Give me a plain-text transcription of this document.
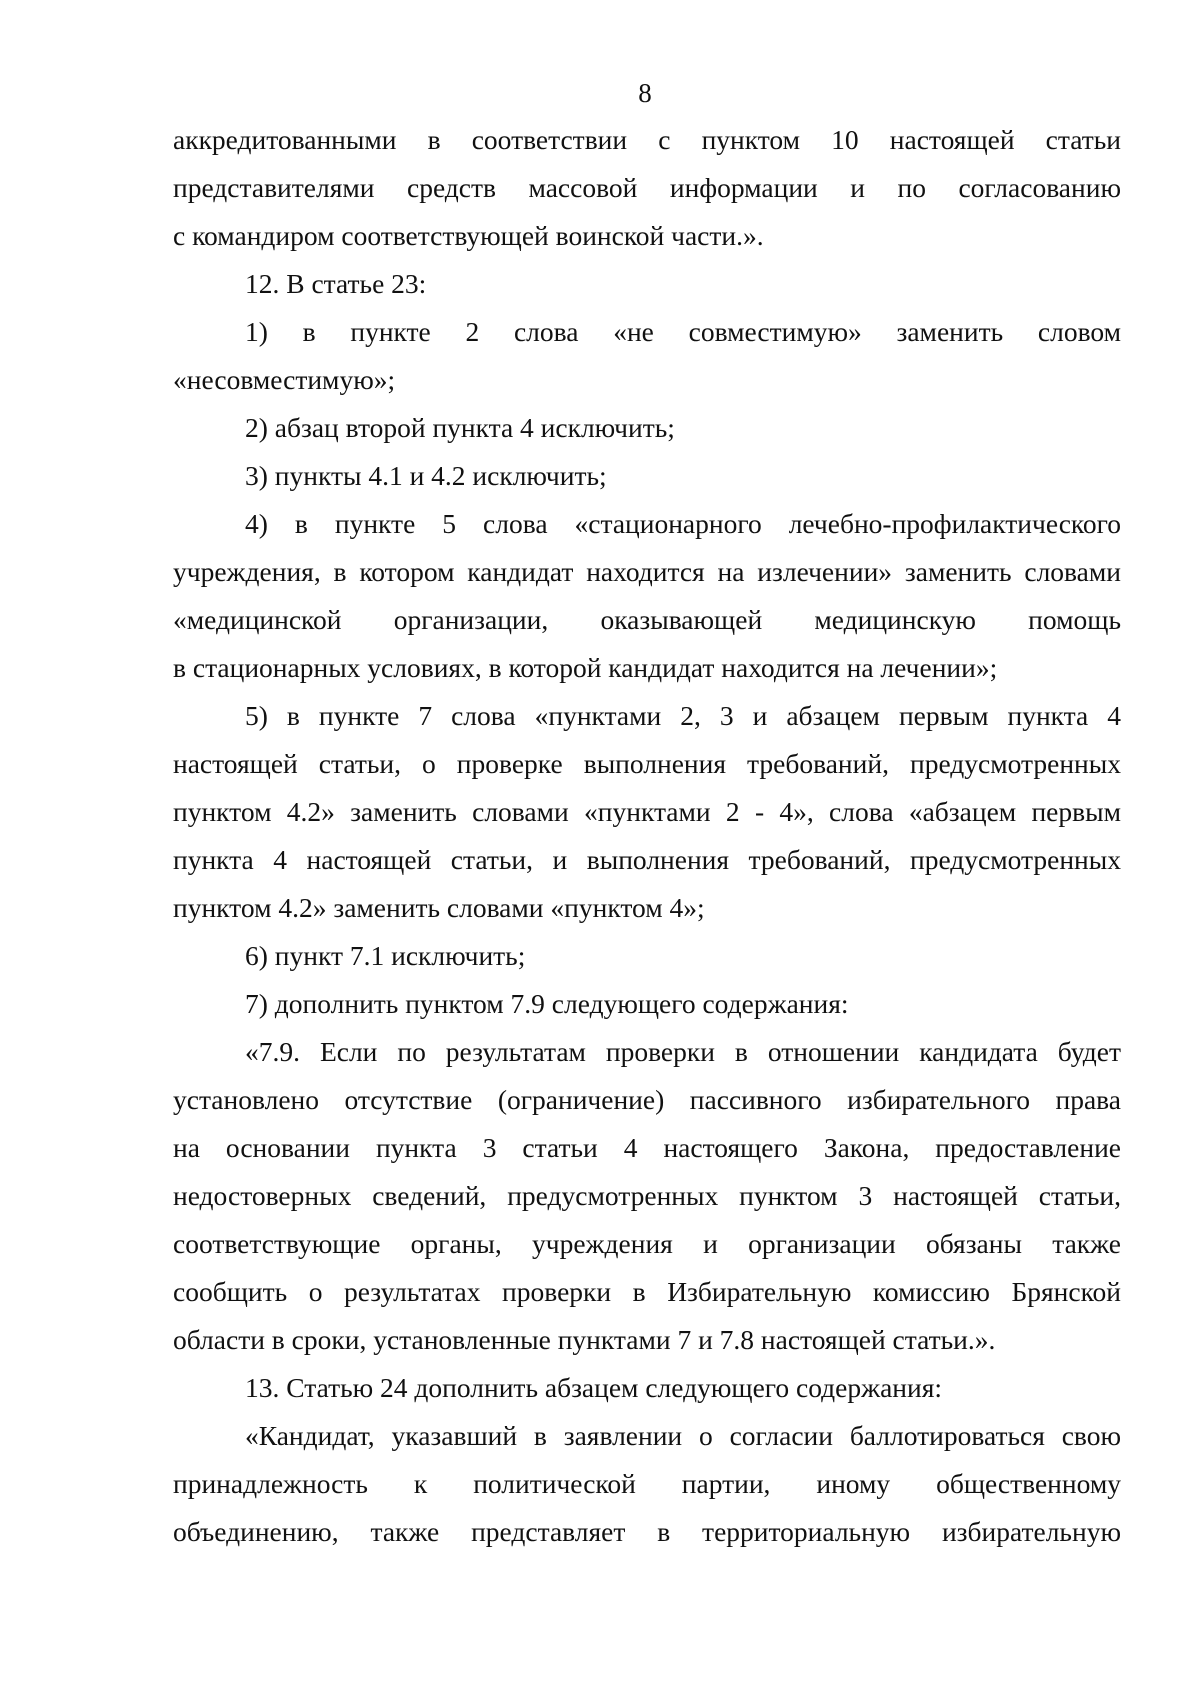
8
аккредитованными в соответствии с пунктом 10 настоящей статьи
представителями средств массовой информации и по согласованию
с командиром соответствующей воинской части.».
12. В статье 23:
1) в пункте 2 слова «не совместимую» заменить словом
«несовместимую»;
2) абзац второй пункта 4 исключить;
3) пункты 4.1 и 4.2 исключить;
4) в пункте 5 слова «стационарного лечебно-профилактического
учреждения, в котором кандидат находится на излечении» заменить словами
«медицинской организации, оказывающей медицинскую помощь
в стационарных условиях, в которой кандидат находится на лечении»;
5) в пункте 7 слова «пунктами 2, 3 и абзацем первым пункта 4
настоящей статьи, о проверке выполнения требований, предусмотренных
пунктом 4.2» заменить словами «пунктами 2 - 4», слова «абзацем первым
пункта 4 настоящей статьи, и выполнения требований, предусмотренных
пунктом 4.2» заменить словами «пунктом 4»;
6) пункт 7.1 исключить;
7) дополнить пунктом 7.9 следующего содержания:
«7.9. Если по результатам проверки в отношении кандидата будет
установлено отсутствие (ограничение) пассивного избирательного права
на основании пункта 3 статьи 4 настоящего Закона, предоставление
недостоверных сведений, предусмотренных пунктом 3 настоящей статьи,
соответствующие органы, учреждения и организации обязаны также
сообщить о результатах проверки в Избирательную комиссию Брянской
области в сроки, установленные пунктами 7 и 7.8 настоящей статьи.».
13. Статью 24 дополнить абзацем следующего содержания:
«Кандидат, указавший в заявлении о согласии баллотироваться свою
принадлежность к политической партии, иному общественному
объединению, также представляет в территориальную избирательную
